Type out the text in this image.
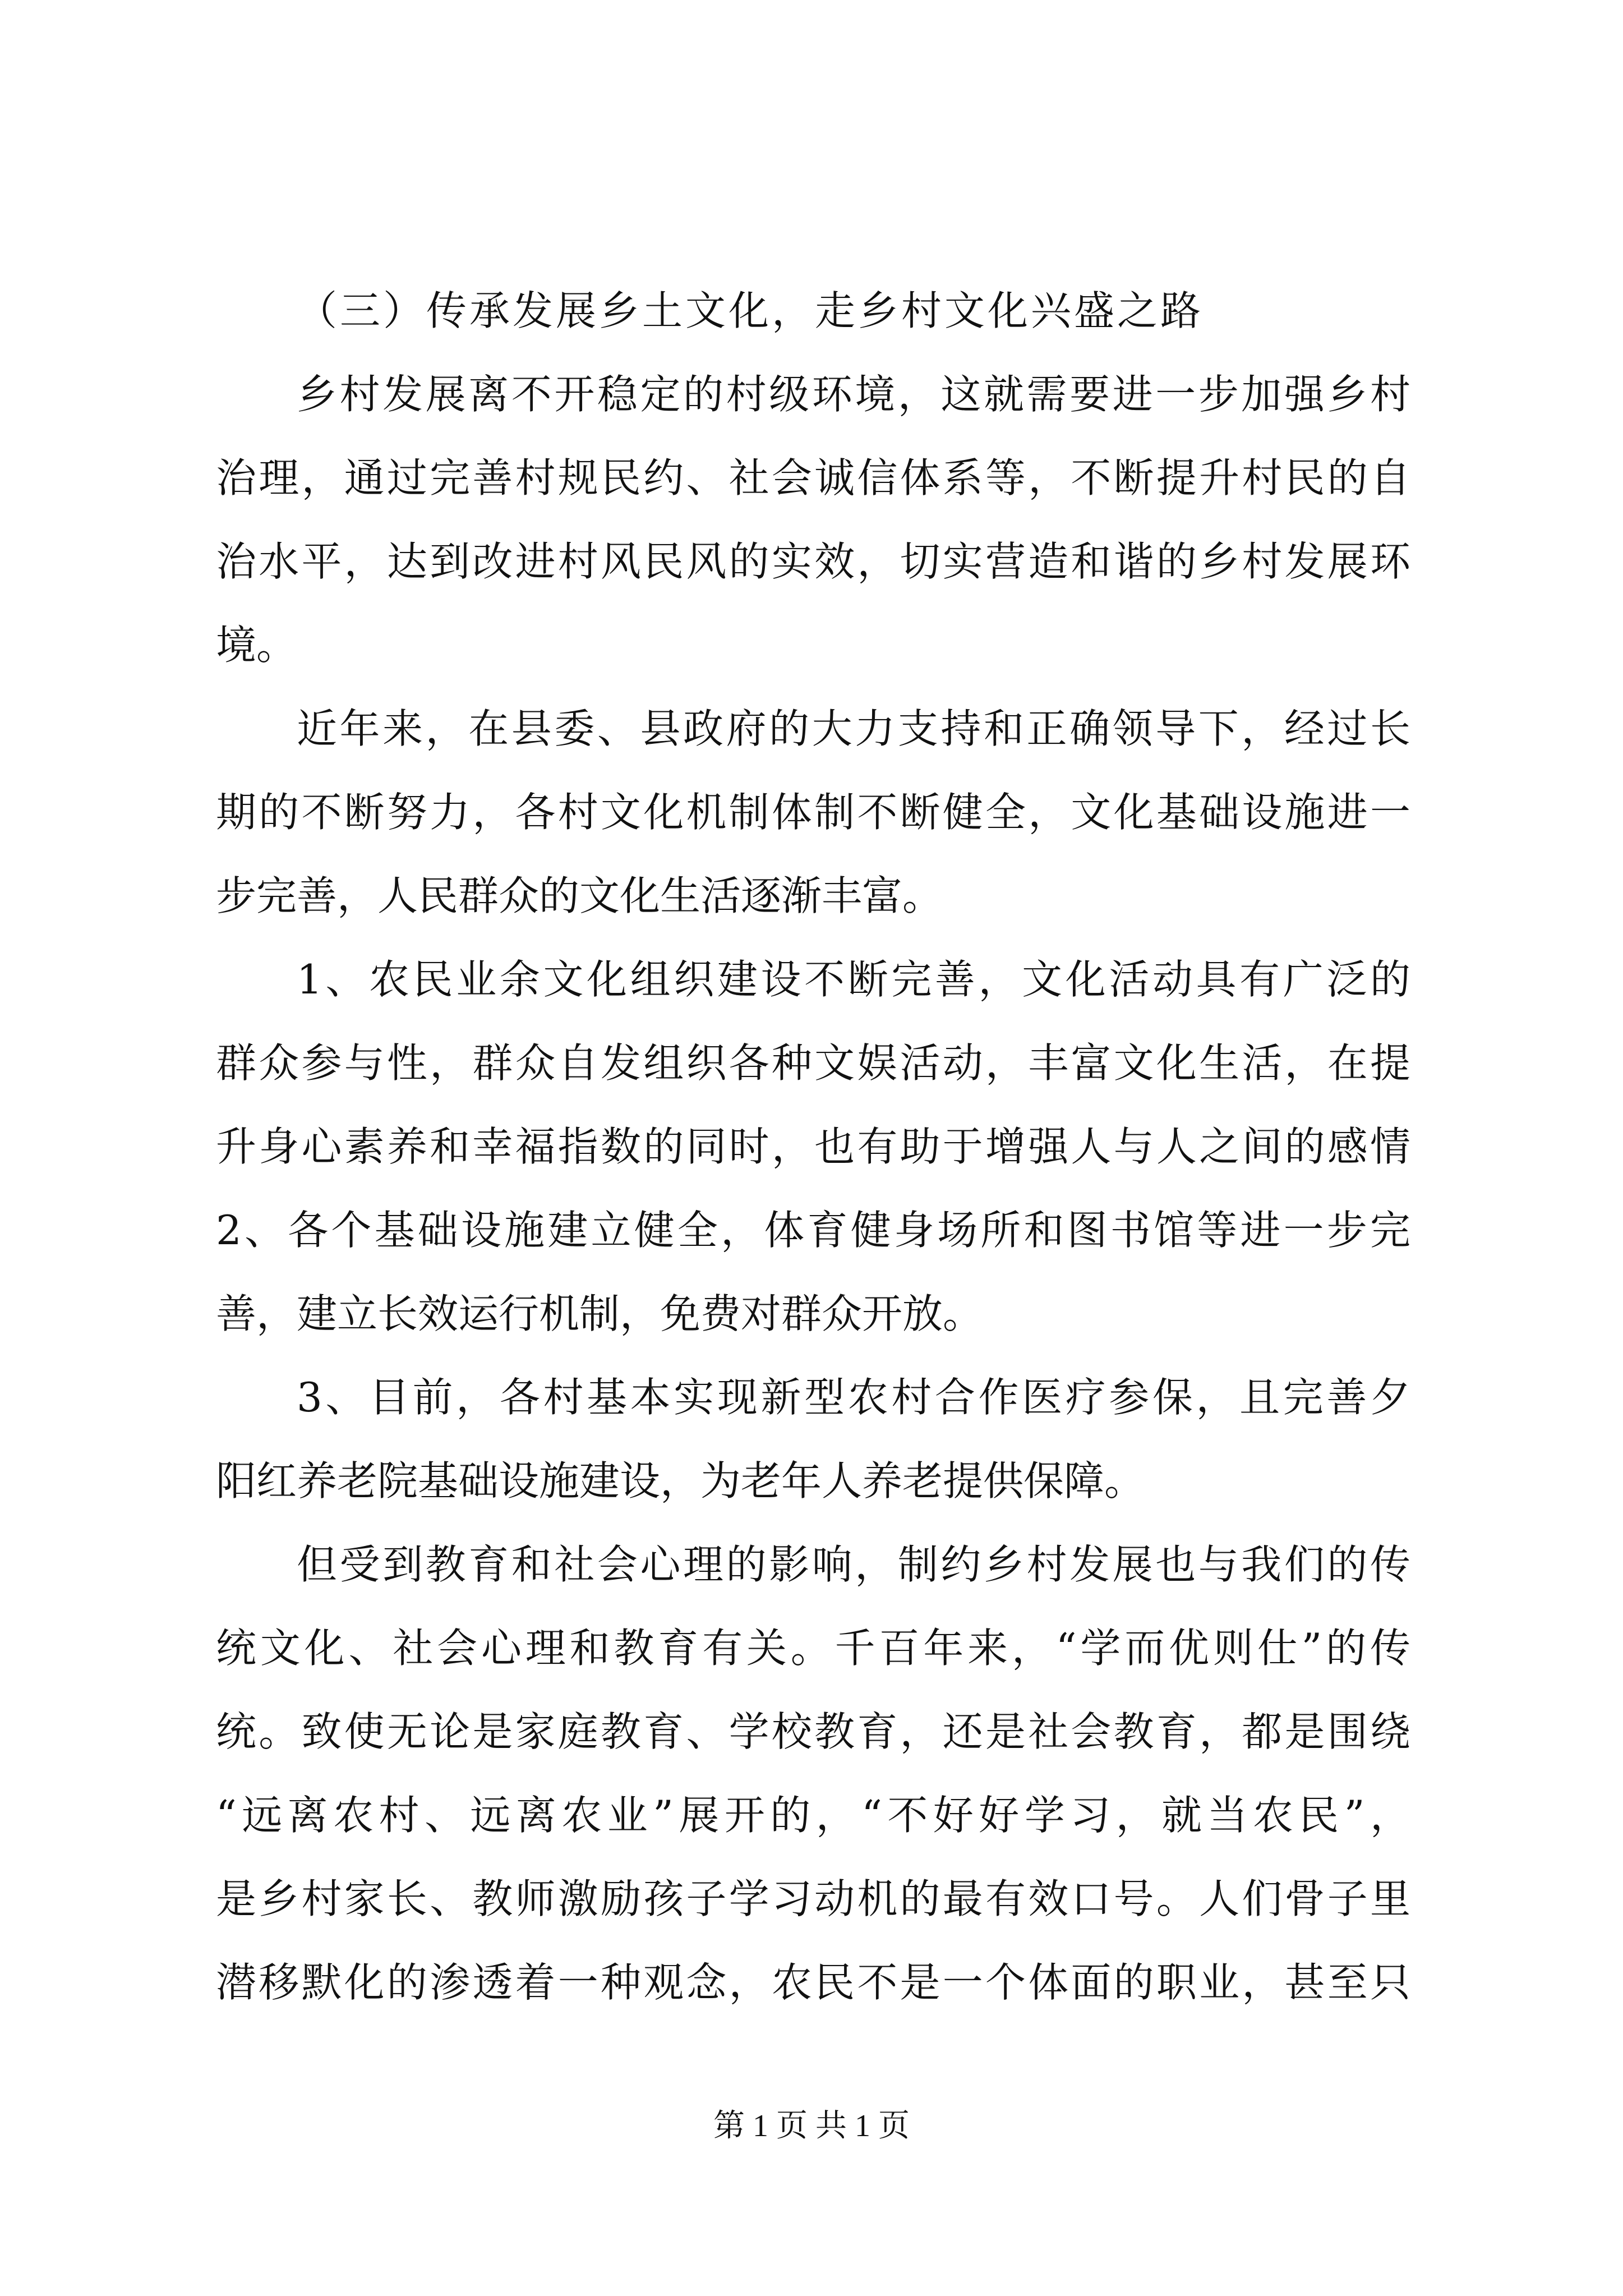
（三）传承发展乡土文化，走乡村文化兴盛之路

乡村发展离不开稳定的村级环境，这就需要进一步加强乡村

治理，通过完善村规民约、社会诚信体系等，不断提升村民的自

治水平，达到改进村风民风的实效，切实营造和谐的乡村发展环

境。

近年来，在县委、县政府的大力支持和正确领导下，经过长

期的不断努力，各村文化机制体制不断健全，文化基础设施进一

步完善，人民群众的文化生活逐渐丰富。

1、农民业余文化组织建设不断完善，文化活动具有广泛的

群众参与性，群众自发组织各种文娱活动，丰富文化生活，在提

升身心素养和幸福指数的同时，也有助于增强人与人之间的感情

2、各个基础设施建立健全，体育健身场所和图书馆等进一步完

善，建立长效运行机制，免费对群众开放。

3、目前，各村基本实现新型农村合作医疗参保，且完善夕

阳红养老院基础设施建设，为老年人养老提供保障。

但受到教育和社会心理的影响，制约乡村发展也与我们的传

统文化、社会心理和教育有关。千百年来，“学而优则仕”的传

统。致使无论是家庭教育、学校教育，还是社会教育，都是围绕

“远离农村、远离农业”展开的，“不好好学习，就当农民”，

是乡村家长、教师激励孩子学习动机的最有效口号。人们骨子里

潜移默化的渗透着一种观念，农民不是一个体面的职业，甚至只

第 1 页 共 1 页
